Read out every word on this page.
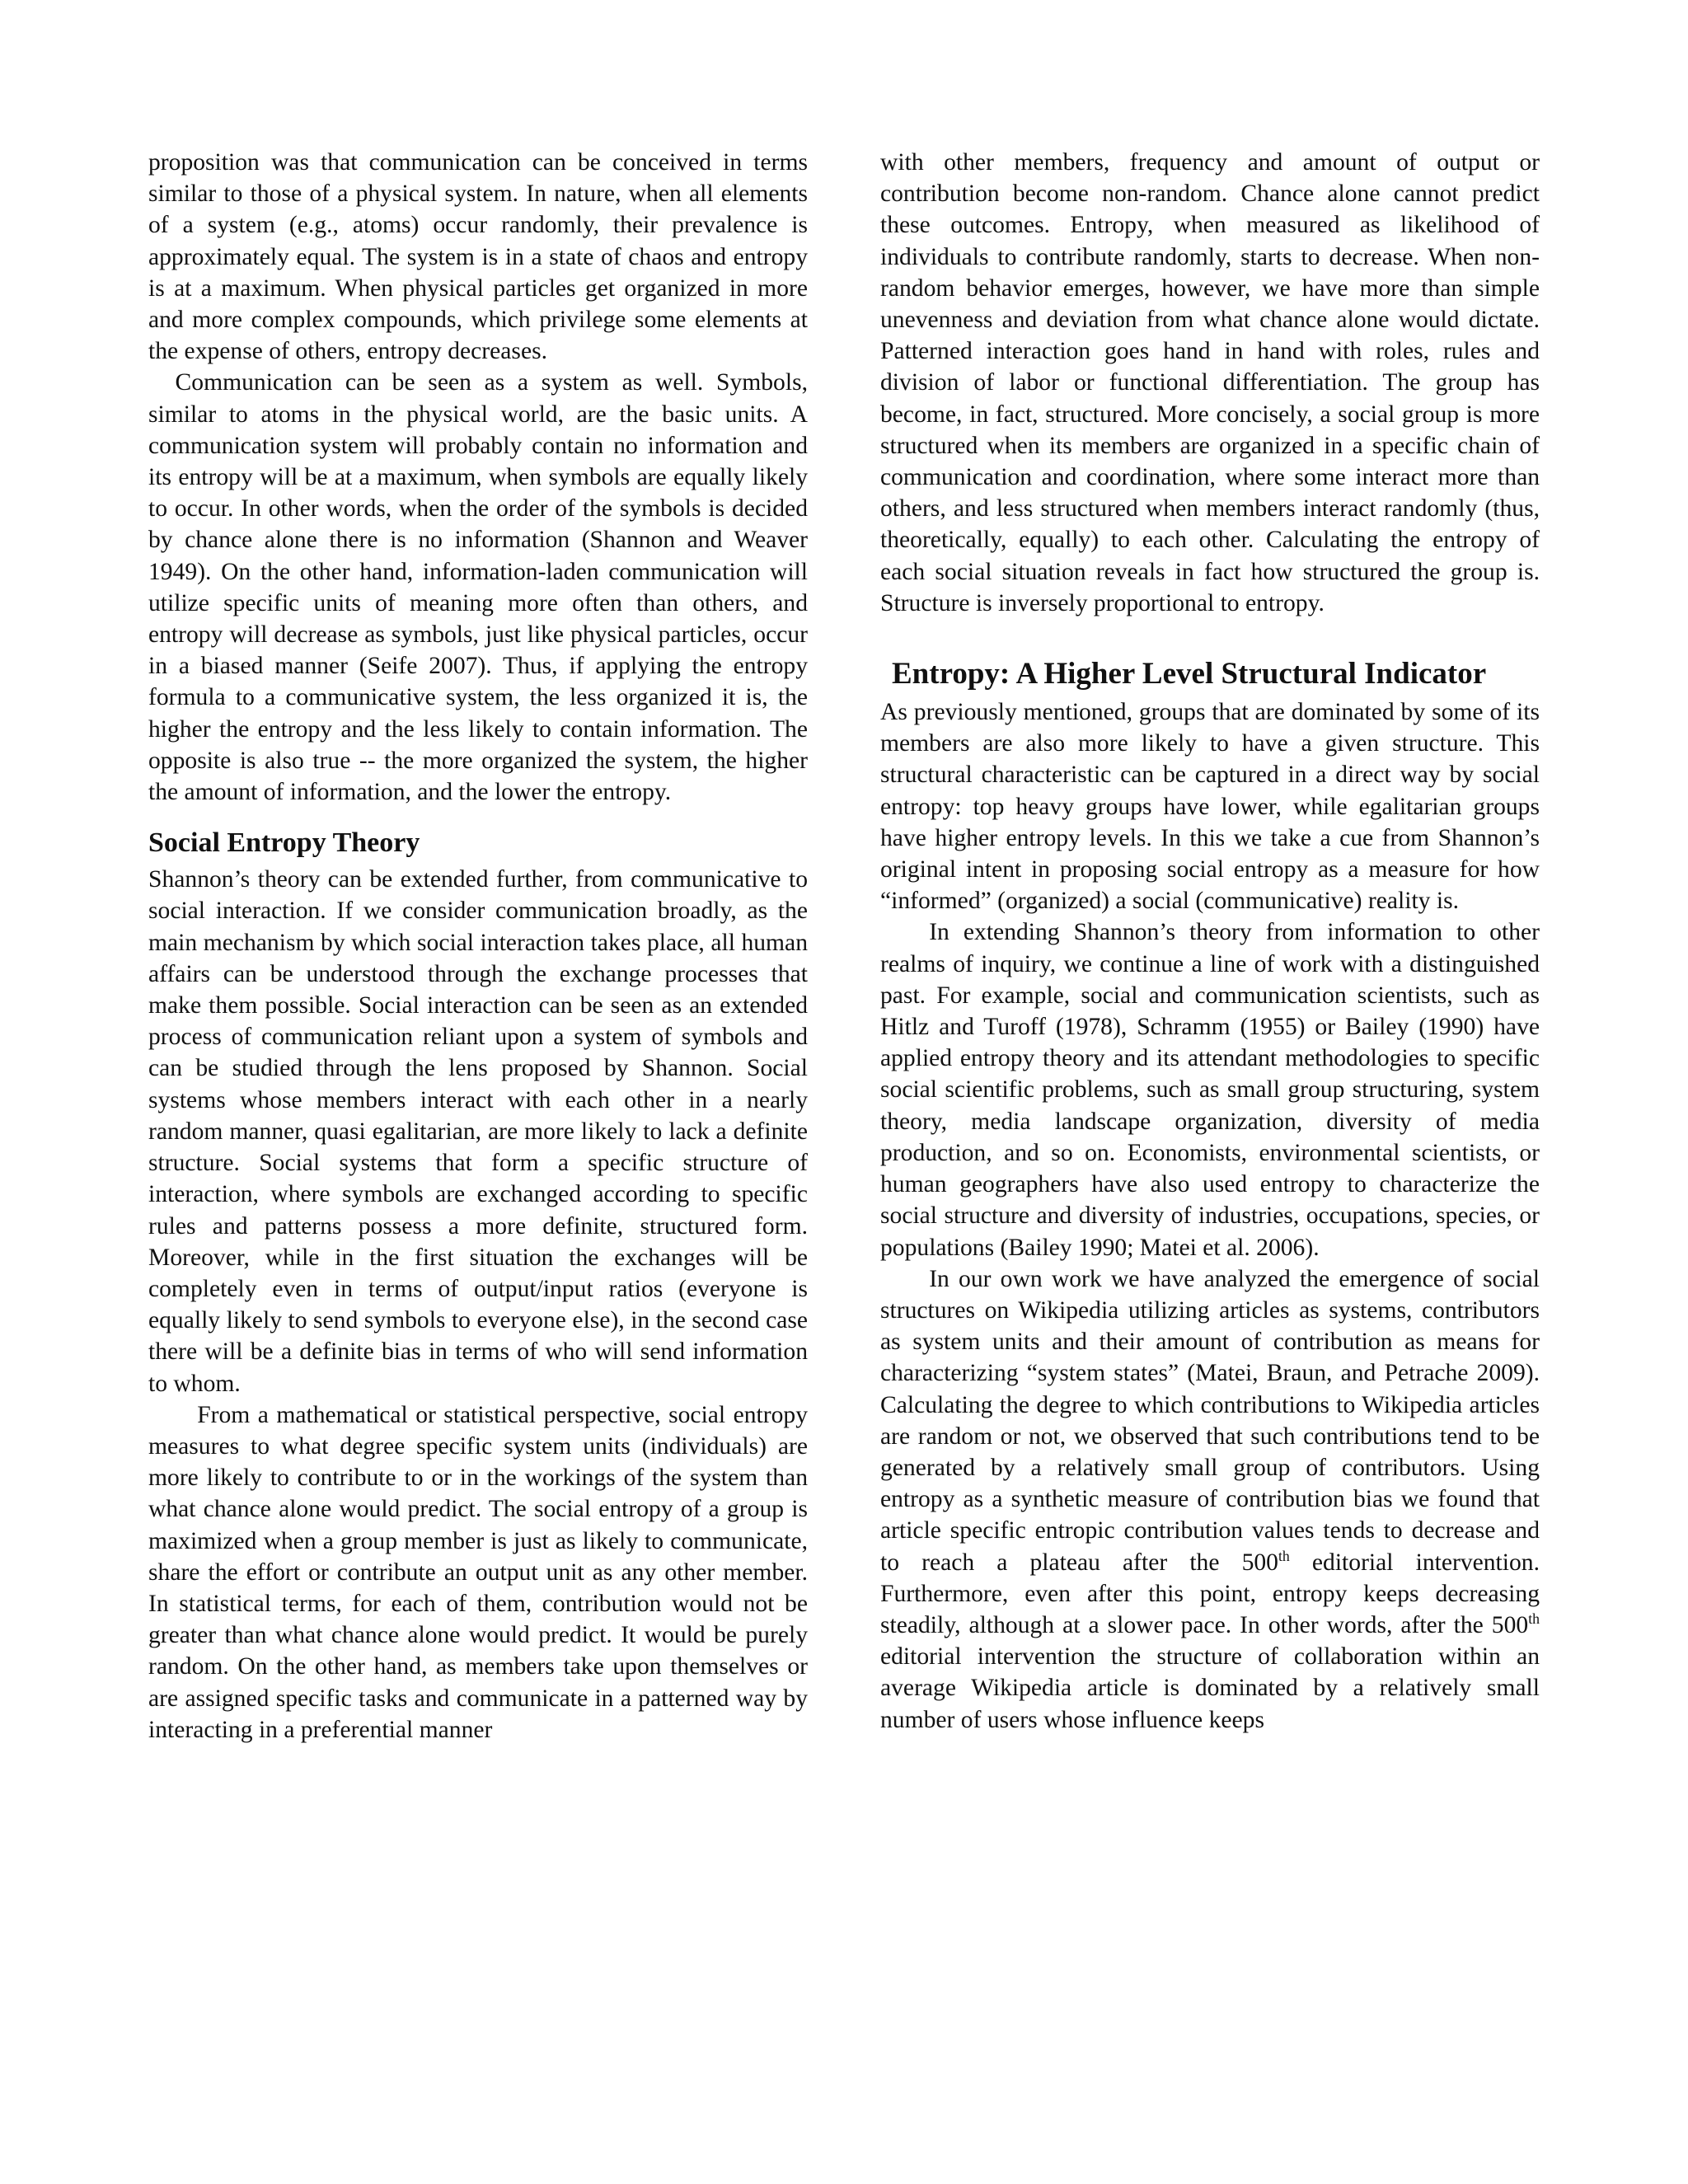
proposition was that communication can be conceived in terms similar to those of a physical system. In nature, when all elements of a system (e.g., atoms) occur randomly, their prevalence is approximately equal. The system is in a state of chaos and entropy is at a maximum. When physical particles get organized in more and more complex compounds, which privilege some elements at the expense of others, entropy decreases.

Communication can be seen as a system as well. Symbols, similar to atoms in the physical world, are the basic units. A communication system will probably contain no information and its entropy will be at a maximum, when symbols are equally likely to occur. In other words, when the order of the symbols is decided by chance alone there is no information (Shannon and Weaver 1949). On the other hand, information-laden communication will utilize specific units of meaning more often than others, and entropy will decrease as symbols, just like physical particles, occur in a biased manner (Seife 2007). Thus, if applying the entropy formula to a communicative system, the less organized it is, the higher the entropy and the less likely to contain information. The opposite is also true -- the more organized the system, the higher the amount of information, and the lower the entropy.

Social Entropy Theory

Shannon’s theory can be extended further, from communicative to social interaction. If we consider communication broadly, as the main mechanism by which social interaction takes place, all human affairs can be understood through the exchange processes that make them possible. Social interaction can be seen as an extended process of communication reliant upon a system of symbols and can be studied through the lens proposed by Shannon. Social systems whose members interact with each other in a nearly random manner, quasi egalitarian, are more likely to lack a definite structure. Social systems that form a specific structure of interaction, where symbols are exchanged according to specific rules and patterns possess a more definite, structured form. Moreover, while in the first situation the exchanges will be completely even in terms of output/input ratios (everyone is equally likely to send symbols to everyone else), in the second case there will be a definite bias in terms of who will send information to whom.

From a mathematical or statistical perspective, social entropy measures to what degree specific system units (individuals) are more likely to contribute to or in the workings of the system than what chance alone would predict. The social entropy of a group is maximized when a group member is just as likely to communicate, share the effort or contribute an output unit as any other member. In statistical terms, for each of them, contribution would not be greater than what chance alone would predict. It would be purely random. On the other hand, as members take upon themselves or are assigned specific tasks and communicate in a patterned way by interacting in a preferential manner

with other members, frequency and amount of output or contribution become non-random. Chance alone cannot predict these outcomes. Entropy, when measured as likelihood of individuals to contribute randomly, starts to decrease. When non-random behavior emerges, however, we have more than simple unevenness and deviation from what chance alone would dictate. Patterned interaction goes hand in hand with roles, rules and division of labor or functional differentiation. The group has become, in fact, structured. More concisely, a social group is more structured when its members are organized in a specific chain of communication and coordination, where some interact more than others, and less structured when members interact randomly (thus, theoretically, equally) to each other. Calculating the entropy of each social situation reveals in fact how structured the group is. Structure is inversely proportional to entropy.

Entropy: A Higher Level Structural Indicator

As previously mentioned, groups that are dominated by some of its members are also more likely to have a given structure. This structural characteristic can be captured in a direct way by social entropy: top heavy groups have lower, while egalitarian groups have higher entropy levels. In this we take a cue from Shannon’s original intent in proposing social entropy as a measure for how “informed” (organized) a social (communicative) reality is.

In extending Shannon’s theory from information to other realms of inquiry, we continue a line of work with a distinguished past. For example, social and communication scientists, such as Hitlz and Turoff (1978), Schramm (1955) or Bailey (1990) have applied entropy theory and its attendant methodologies to specific social scientific problems, such as small group structuring, system theory, media landscape organization, diversity of media production, and so on. Economists, environmental scientists, or human geographers have also used entropy to characterize the social structure and diversity of industries, occupations, species, or populations (Bailey 1990; Matei et al. 2006).

In our own work we have analyzed the emergence of social structures on Wikipedia utilizing articles as systems, contributors as system units and their amount of contribution as means for characterizing “system states” (Matei, Braun, and Petrache 2009). Calculating the degree to which contributions to Wikipedia articles are random or not, we observed that such contributions tend to be generated by a relatively small group of contributors. Using entropy as a synthetic measure of contribution bias we found that article specific entropic contribution values tends to decrease and to reach a plateau after the 500th editorial intervention. Furthermore, even after this point, entropy keeps decreasing steadily, although at a slower pace. In other words, after the 500th editorial intervention the structure of collaboration within an average Wikipedia article is dominated by a relatively small number of users whose influence keeps
